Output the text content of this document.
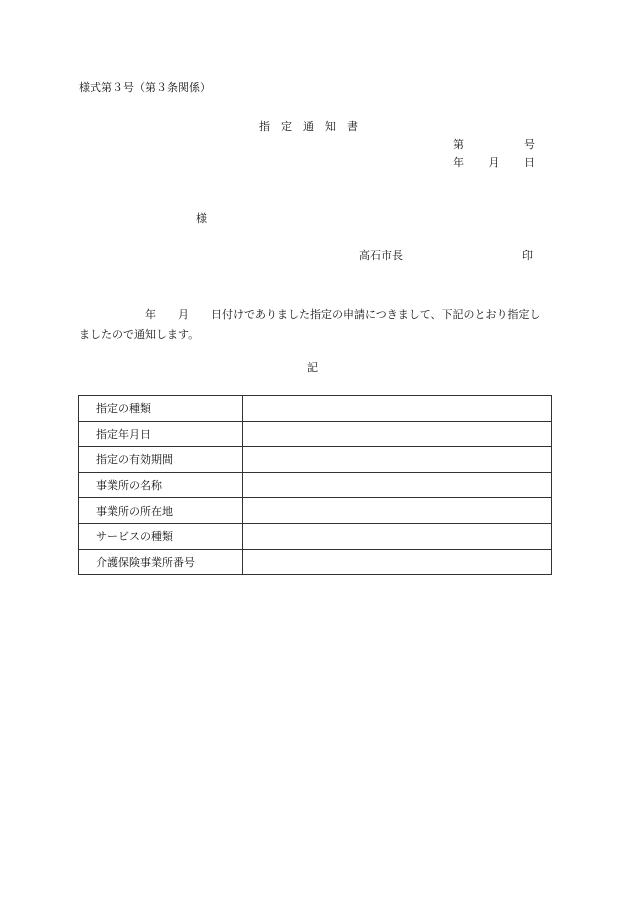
様式第３号（第３条関係）
指　定　通　知　書
第	号
年 月 日
様
高石市長	印
　　　　　　年　　月　　日付けでありました指定の申請につきまして、下記のとおり指定しましたので通知します。
記
指定の種類	
指定年月日	
指定の有効期間	
事業所の名称	
事業所の所在地	
サービスの種類	
介護保険事業所番号	
